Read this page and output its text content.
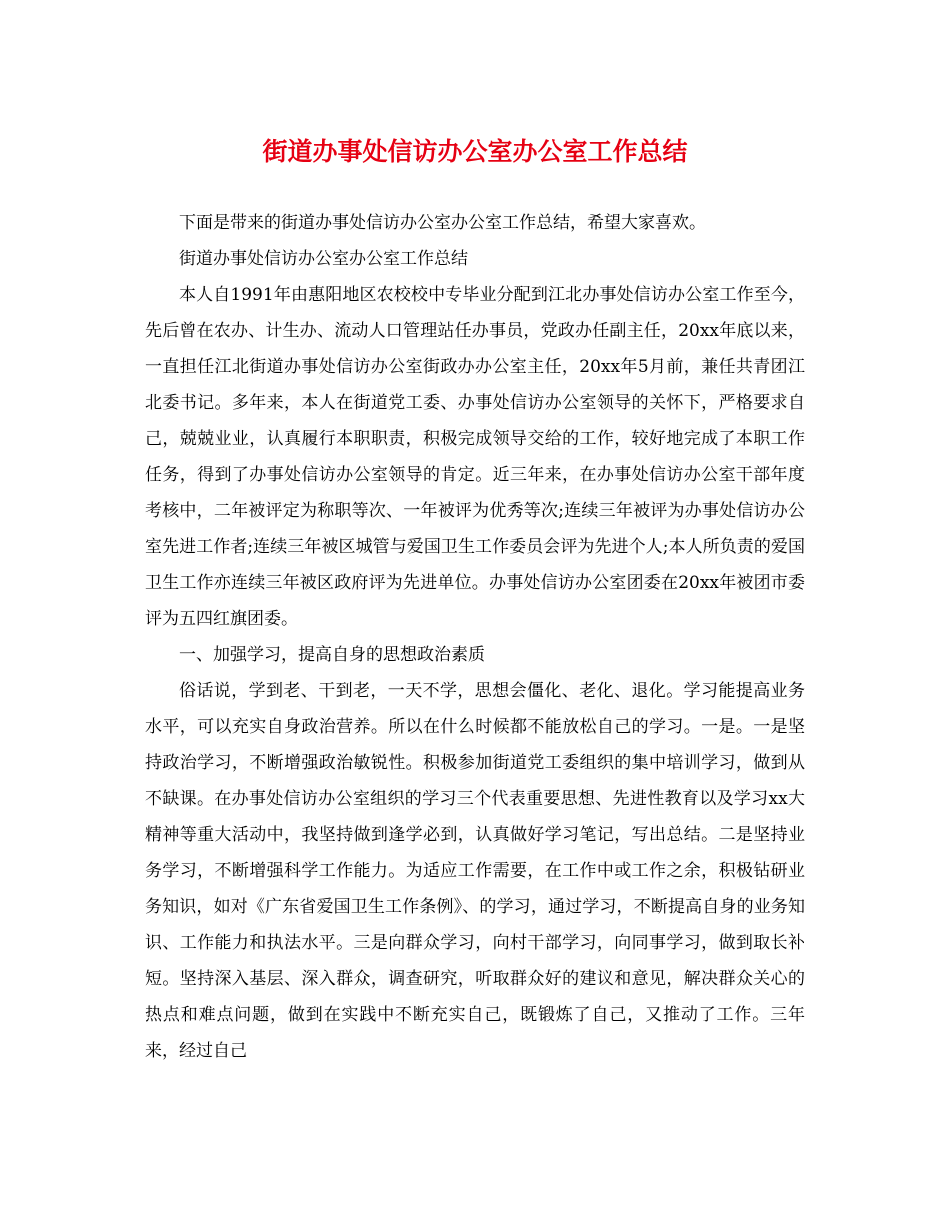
街道办事处信访办公室办公室工作总结

下面是带来的街道办事处信访办公室办公室工作总结，希望大家喜欢。

街道办事处信访办公室办公室工作总结

本人自1991年由惠阳地区农校校中专毕业分配到江北办事处信访办公室工作至今，先后曾在农办、计生办、流动人口管理站任办事员，党政办任副主任，20xx年底以来，一直担任江北街道办事处信访办公室街政办办公室主任，20xx年5月前，兼任共青团江北委书记。多年来，本人在街道党工委、办事处信访办公室领导的关怀下，严格要求自己，兢兢业业，认真履行本职职责，积极完成领导交给的工作，较好地完成了本职工作任务，得到了办事处信访办公室领导的肯定。近三年来，在办事处信访办公室干部年度考核中，二年被评定为称职等次、一年被评为优秀等次;连续三年被评为办事处信访办公室先进工作者;连续三年被区城管与爱国卫生工作委员会评为先进个人;本人所负责的爱国卫生工作亦连续三年被区政府评为先进单位。办事处信访办公室团委在20xx年被团市委评为五四红旗团委。

一、加强学习，提高自身的思想政治素质

俗话说，学到老、干到老，一天不学，思想会僵化、老化、退化。学习能提高业务水平，可以充实自身政治营养。所以在什么时候都不能放松自己的学习。一是。一是坚持政治学习，不断增强政治敏锐性。积极参加街道党工委组织的集中培训学习，做到从不缺课。在办事处信访办公室组织的学习三个代表重要思想、先进性教育以及学习xx大精神等重大活动中，我坚持做到逢学必到，认真做好学习笔记，写出总结。二是坚持业务学习，不断增强科学工作能力。为适应工作需要，在工作中或工作之余，积极钻研业务知识，如对《广东省爱国卫生工作条例》、的学习，通过学习，不断提高自身的业务知识、工作能力和执法水平。三是向群众学习，向村干部学习，向同事学习，做到取长补短。坚持深入基层、深入群众，调查研究，听取群众好的建议和意见，解决群众关心的热点和难点问题，做到在实践中不断充实自己，既锻炼了自己，又推动了工作。三年来，经过自己
